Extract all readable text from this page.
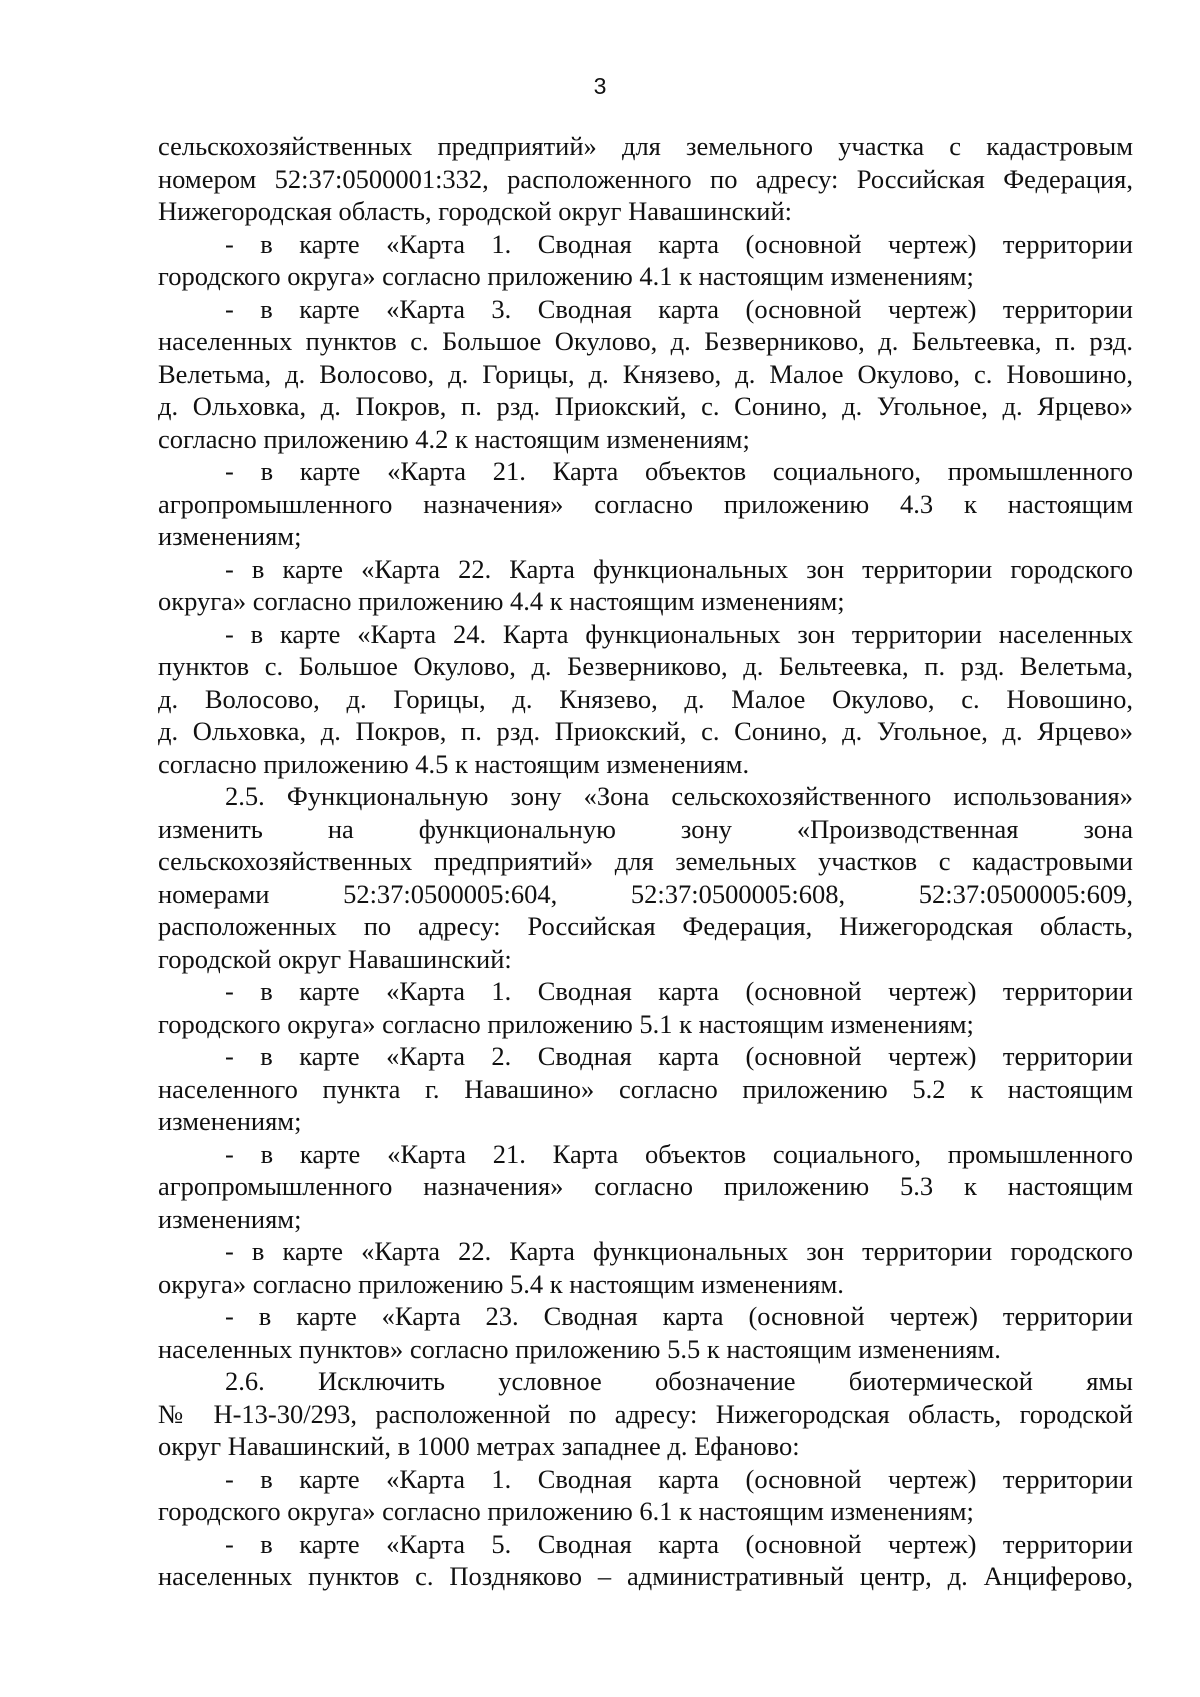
3
сельскохозяйственных предприятий» для земельного участка с кадастровым
номером 52:37:0500001:332, расположенного по адресу: Российская Федерация,
Нижегородская область, городской округ Навашинский:
- в карте «Карта 1. Сводная карта (основной чертеж) территории
городского округа» согласно приложению 4.1 к настоящим изменениям;
- в карте «Карта 3. Сводная карта (основной чертеж) территории
населенных пунктов с. Большое Окулово, д. Безверниково, д. Бельтеевка, п. рзд.
Велетьма, д. Волосово, д. Горицы, д. Князево, д. Малое Окулово, с. Новошино,
д. Ольховка, д. Покров, п. рзд. Приокский, с. Сонино, д. Угольное, д. Ярцево»
согласно приложению 4.2 к настоящим изменениям;
- в карте «Карта 21. Карта объектов социального, промышленного
агропромышленного назначения» согласно приложению 4.3 к настоящим
изменениям;
- в карте «Карта 22. Карта функциональных зон территории городского
округа» согласно приложению 4.4 к настоящим изменениям;
- в карте «Карта 24. Карта функциональных зон территории населенных
пунктов с. Большое Окулово, д. Безверниково, д. Бельтеевка, п. рзд. Велетьма,
д. Волосово, д. Горицы, д. Князево, д. Малое Окулово, с. Новошино,
д. Ольховка, д. Покров, п. рзд. Приокский, с. Сонино, д. Угольное, д. Ярцево»
согласно приложению 4.5 к настоящим изменениям.
2.5. Функциональную зону «Зона сельскохозяйственного использования»
изменить на функциональную зону «Производственная зона
сельскохозяйственных предприятий» для земельных участков с кадастровыми
номерами 52:37:0500005:604, 52:37:0500005:608, 52:37:0500005:609,
расположенных по адресу: Российская Федерация, Нижегородская область,
городской округ Навашинский:
- в карте «Карта 1. Сводная карта (основной чертеж) территории
городского округа» согласно приложению 5.1 к настоящим изменениям;
- в карте «Карта 2. Сводная карта (основной чертеж) территории
населенного пункта г. Навашино» согласно приложению 5.2 к настоящим
изменениям;
- в карте «Карта 21. Карта объектов социального, промышленного
агропромышленного назначения» согласно приложению 5.3 к настоящим
изменениям;
- в карте «Карта 22. Карта функциональных зон территории городского
округа» согласно приложению 5.4 к настоящим изменениям.
- в карте «Карта 23. Сводная карта (основной чертеж) территории
населенных пунктов» согласно приложению 5.5 к настоящим изменениям.
2.6. Исключить условное обозначение биотермической ямы
№ Н-13-30/293, расположенной по адресу: Нижегородская область, городской
округ Навашинский, в 1000 метрах западнее д. Ефаново:
- в карте «Карта 1. Сводная карта (основной чертеж) территории
городского округа» согласно приложению 6.1 к настоящим изменениям;
- в карте «Карта 5. Сводная карта (основной чертеж) территории
населенных пунктов с. Поздняково – административный центр, д. Анциферово,
